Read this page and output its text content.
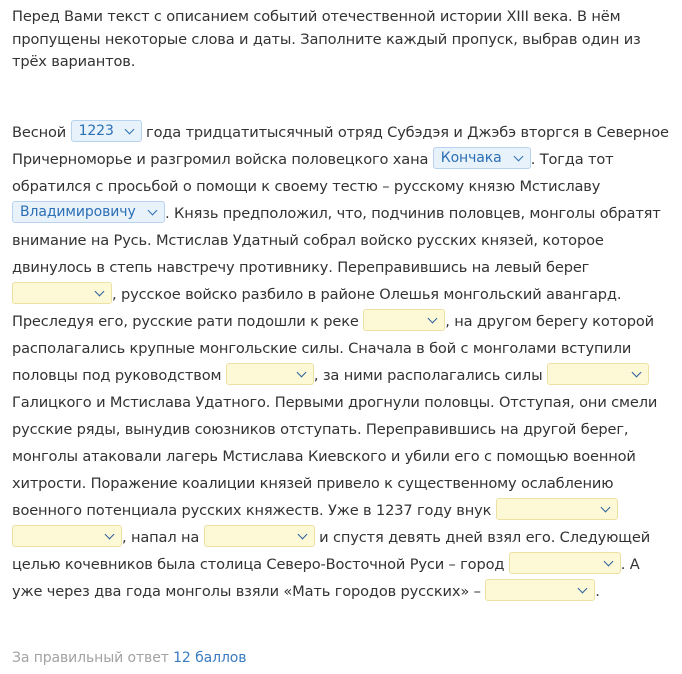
Перед Вами текст с описанием событий отечественной истории XIII века. В нём пропущены некоторые слова и даты. Заполните каждый пропуск, выбрав один из трёх вариантов.

Весной 1223 года тридцатитысячный отряд Субэдэя и Джэбэ вторгся в Северное Причерноморье и разгромил войска половецкого хана Кончака . Тогда тот обратился с просьбой о помощи к своему тестю – русскому князю Мстиславу
Владимировичу . Князь предположил, что, подчинив половцев, монголы обратят внимание на Русь. Мстислав Удатный собрал войско русских князей, которое двинулось в степь навстречу противнику. Переправившись на левый берег
, русское войско разбило в районе Олешья монгольский авангард. Преследуя его, русские рати подошли к реке	, на другом берегу которой располагались крупные монгольские силы. Сначала в бой с монголами вступили половцы под руководством	, за ними располагались силы
Галицкого и Мстислава Удатного. Первыми дрогнули половцы. Отступая, они смели русские ряды, вынудив союзников отступать. Переправившись на другой берег, монголы атаковали лагерь Мстислава Киевского и убили его с помощью военной хитрости. Поражение коалиции князей привело к существенному ослаблению военного потенциала русских княжеств. Уже в 1237 году внук

, напал на	и спустя девять дней взял его. Следующей целью кочевников была столица Северо-Восточной Руси – город	. А уже через два года монголы взяли «Мать городов русских» –	.
За правильный ответ 12 баллов
